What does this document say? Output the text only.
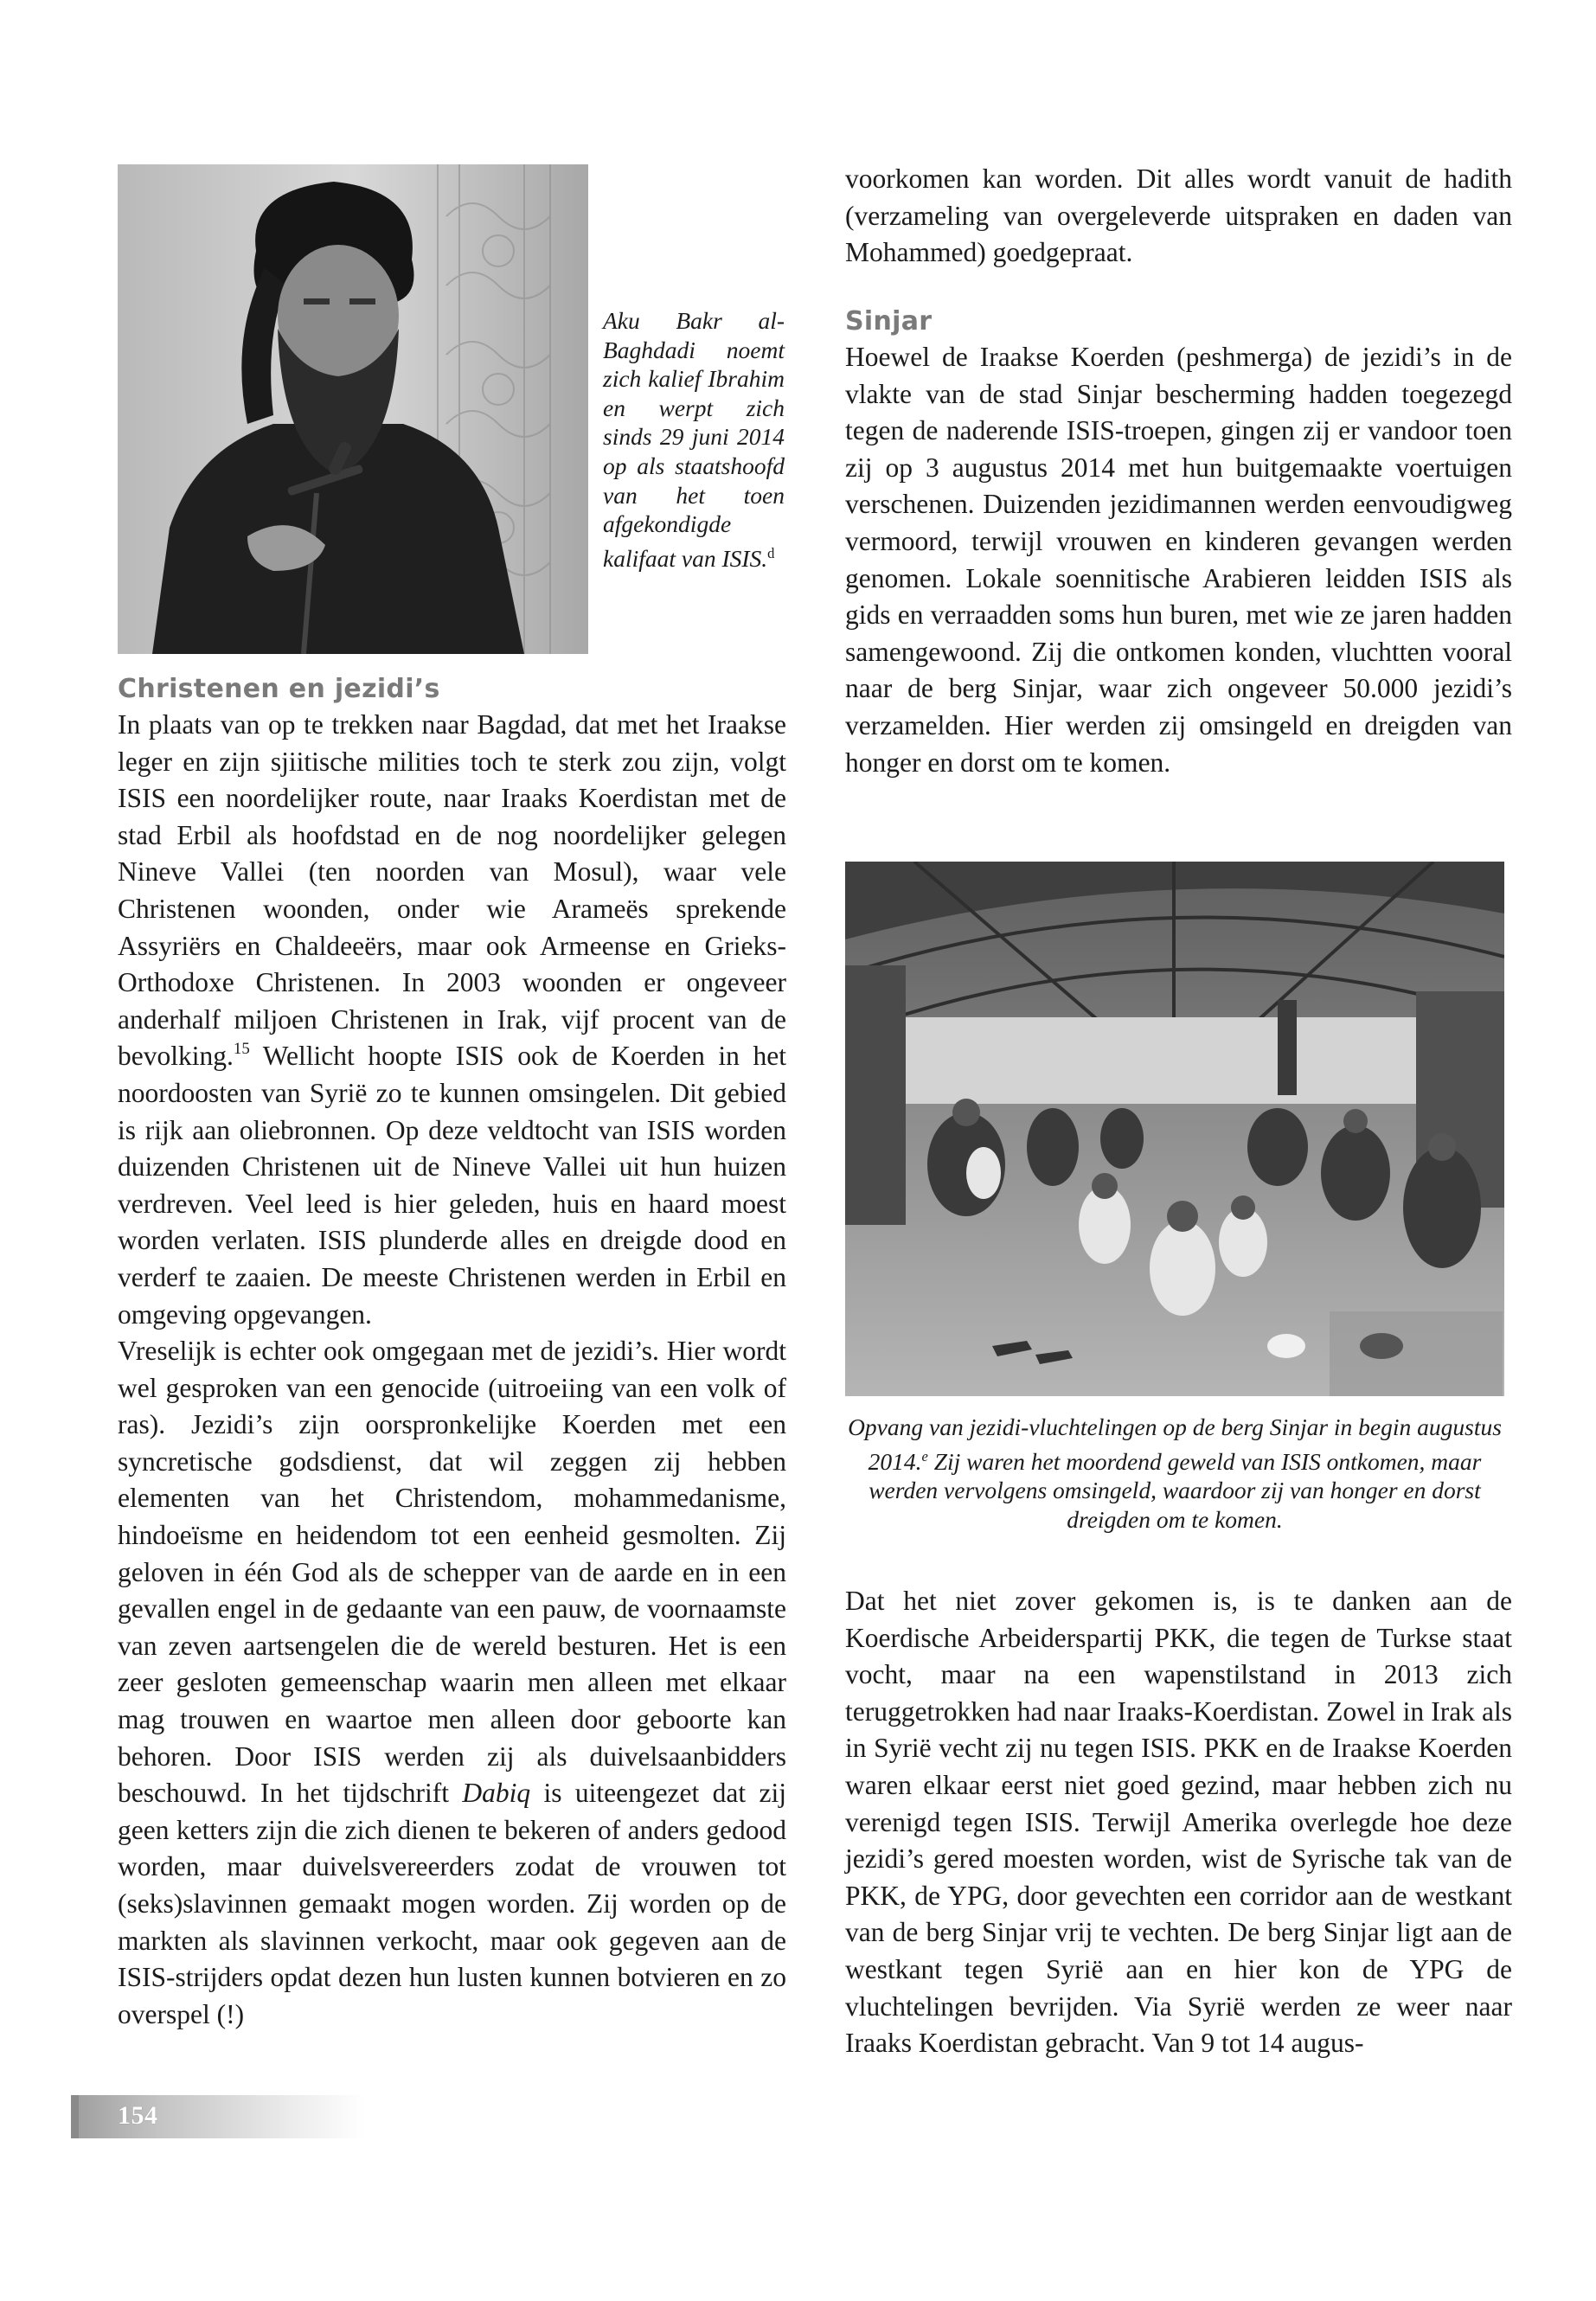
Aku Bakr al-Baghdadi noemt zich kalief Ibrahim en werpt zich sinds 29 juni 2014 op als staatshoofd van het toen afgekondigde kalifaat van ISIS.$^d$
Christenen en jezidi’s

In plaats van op te trekken naar Bagdad, dat met het Iraakse leger en zijn sjiitische milities toch te sterk zou zijn, volgt ISIS een noordelijker route, naar Iraaks Koerdistan met de stad Erbil als hoofdstad en de nog noordelijker gelegen Nineve Vallei (ten noorden van Mosul), waar vele Christenen woonden, onder wie Arameës sprekende Assyriërs en Chaldeeërs, maar ook Armeense en Grieks-Orthodoxe Christenen. In 2003 woonden er ongeveer anderhalf miljoen Christenen in Irak, vijf procent van de bevolking.$^{15}$ Wellicht hoopte ISIS ook de Koerden in het noordoosten van Syrië zo te kunnen omsingelen. Dit gebied is rijk aan oliebronnen. Op deze veldtocht van ISIS worden duizenden Christenen uit de Nineve Vallei uit hun huizen verdreven. Veel leed is hier geleden, huis en haard moest worden verlaten. ISIS plunderde alles en dreigde dood en verderf te zaaien. De meeste Christenen werden in Erbil en omgeving opgevangen.

Vreselijk is echter ook omgegaan met de jezidi’s. Hier wordt wel gesproken van een genocide (uitroeiing van een volk of ras). Jezidi’s zijn oorspronkelijke Koerden met een syncretische godsdienst, dat wil zeggen zij hebben elementen van het Christendom, mohammedanisme, hindoeïsme en heidendom tot een eenheid gesmolten. Zij geloven in één God als de schepper van de aarde en in een gevallen engel in de gedaante van een pauw, de voornaamste van zeven aartsengelen die de wereld besturen. Het is een zeer gesloten gemeenschap waarin men alleen met elkaar mag trouwen en waartoe men alleen door geboorte kan behoren. Door ISIS werden zij als duivelsaanbidders beschouwd. In het tijdschrift Dabiq is uiteengezet dat zij geen ketters zijn die zich dienen te bekeren of anders gedood worden, maar duivelsvereerders zodat de vrouwen tot (seks)slavinnen gemaakt mogen worden. Zij worden op de markten als slavinnen verkocht, maar ook gegeven aan de ISIS-strijders opdat dezen hun lusten kunnen botvieren en zo overspel (!)

voorkomen kan worden. Dit alles wordt vanuit de hadith (verzameling van overgeleverde uitspraken en daden van Mohammed) goedgepraat.

Sinjar

Hoewel de Iraakse Koerden (peshmerga) de jezidi’s in de vlakte van de stad Sinjar bescherming hadden toegezegd tegen de naderende ISIS-troepen, gingen zij er vandoor toen zij op 3 augustus 2014 met hun buitgemaakte voertuigen verschenen. Duizenden jezidimannen werden eenvoudigweg vermoord, terwijl vrouwen en kinderen gevangen werden genomen. Lokale soennitische Arabieren leidden ISIS als gids en verraadden soms hun buren, met wie ze jaren hadden samengewoond. Zij die ontkomen konden, vluchtten vooral naar de berg Sinjar, waar zich ongeveer 50.000 jezidi’s verzamelden. Hier werden zij omsingeld en dreigden van honger en dorst om te komen.

Opvang van jezidi-vluchtelingen op de berg Sinjar in begin augustus 2014.$^e$ Zij waren het moordend geweld van ISIS ontkomen, maar werden vervolgens omsingeld, waardoor zij van honger en dorst dreigden om te komen.

Dat het niet zover gekomen is, is te danken aan de Koerdische Arbeiderspartij PKK, die tegen de Turkse staat vocht, maar na een wapenstilstand in 2013 zich teruggetrokken had naar Iraaks-Koerdistan. Zowel in Irak als in Syrië vecht zij nu tegen ISIS. PKK en de Iraakse Koerden waren elkaar eerst niet goed gezind, maar hebben zich nu verenigd tegen ISIS. Terwijl Amerika overlegde hoe deze jezidi’s gered moesten worden, wist de Syrische tak van de PKK, de YPG, door gevechten een corridor aan de westkant van de berg Sinjar vrij te vechten. De berg Sinjar ligt aan de westkant tegen Syrië aan en hier kon de YPG de vluchtelingen bevrijden. Via Syrië werden ze weer naar Iraaks Koerdistan gebracht. Van 9 tot 14 augus-

154
